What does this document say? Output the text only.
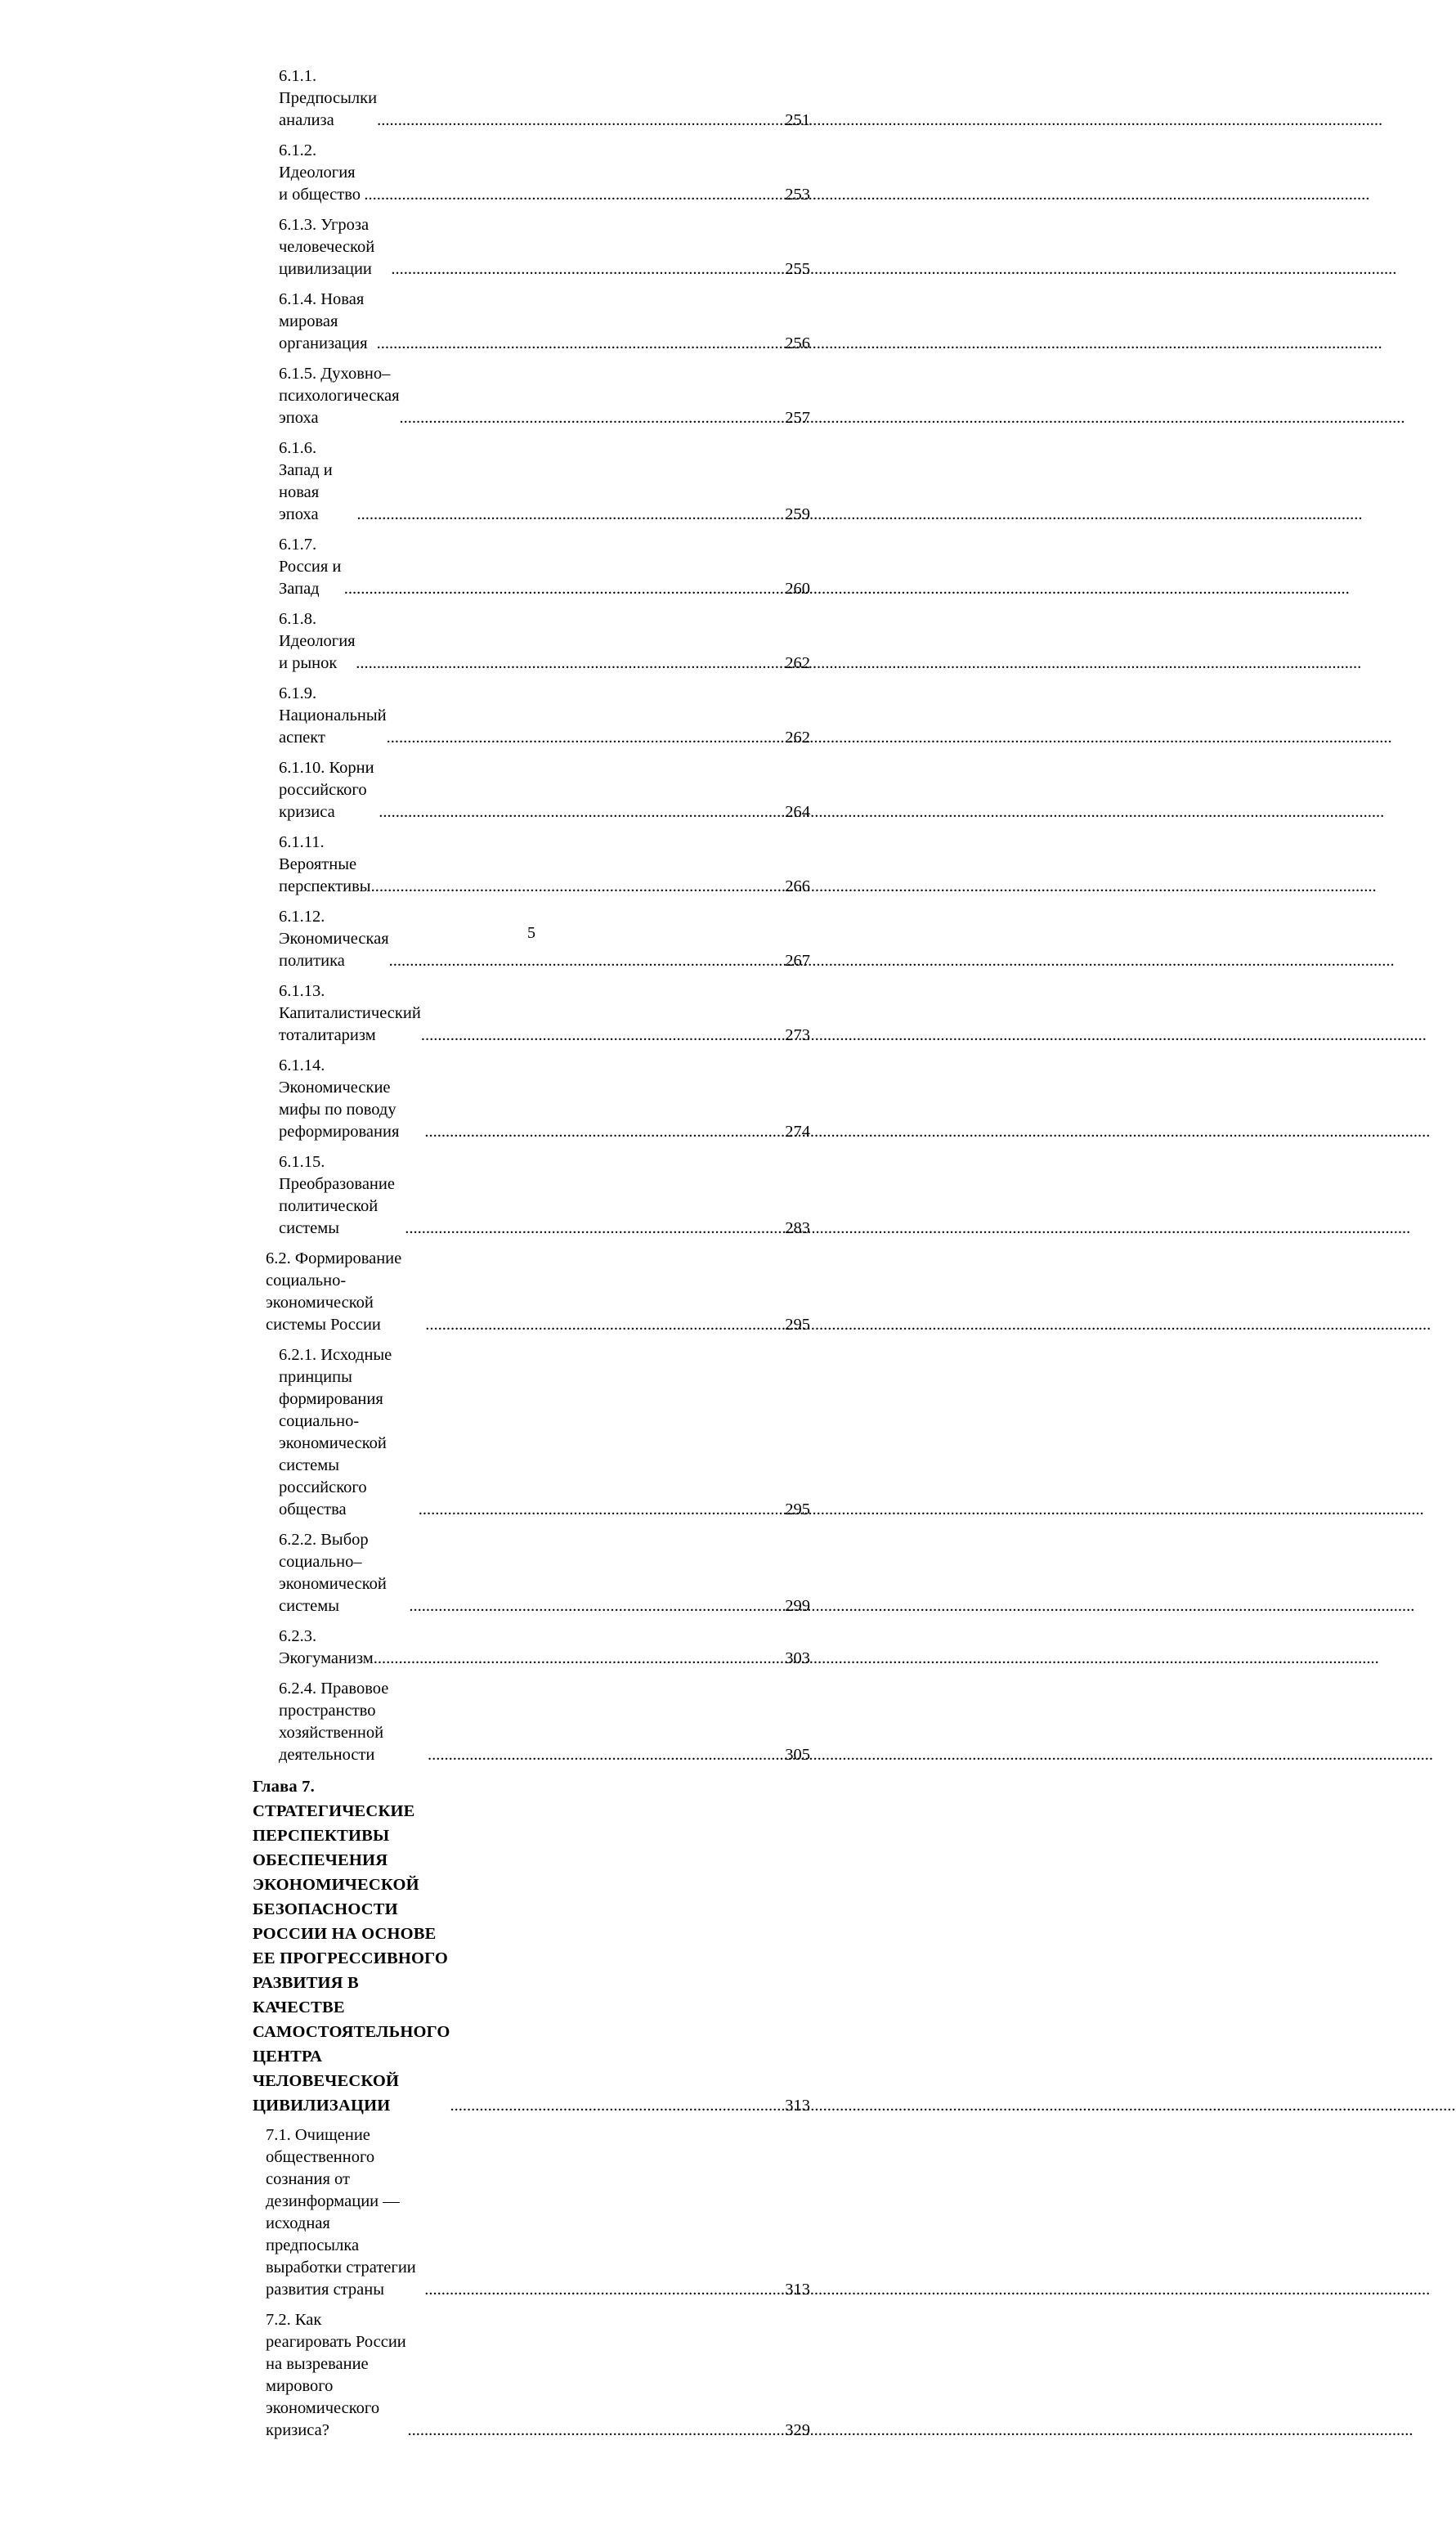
6.1.1. Предпосылки анализа .....	251
6.1.2. Идеология и общество .....	253
6.1.3. Угроза человеческой цивилизации .....	255
6.1.4. Новая мировая организация .....	256
6.1.5. Духовно–психологическая эпоха .....	257
6.1.6. Запад и новая эпоха .....	259
6.1.7. Россия и Запад .....	260
6.1.8. Идеология и рынок .....	262
6.1.9. Национальный аспект .....	262
6.1.10. Корни российского кризиса .....	264
6.1.11. Вероятные перспективы .....	266
6.1.12. Экономическая политика .....	267
6.1.13. Капиталистический тоталитаризм .....	273
6.1.14. Экономические мифы по поводу реформирования .....	274
6.1.15. Преобразование политической системы .....	283
6.2. Формирование социально-экономической системы России .....	295
6.2.1. Исходные принципы формирования социально-
экономической системы российского общества .....	295
6.2.2. Выбор социально–экономической системы .....	299
6.2.3. Экогуманизм .....	303
6.2.4. Правовое пространство хозяйственной деятельности .....	305
Глава 7. СТРАТЕГИЧЕСКИЕ ПЕРСПЕКТИВЫ ОБЕСПЕЧЕНИЯ
ЭКОНОМИЧЕСКОЙ БЕЗОПАСНОСТИ РОССИИ НА ОСНОВЕ
ЕЕ ПРОГРЕССИВНОГО РАЗВИТИЯ В КАЧЕСТВЕ
САМОСТОЯТЕЛЬНОГО ЦЕНТРА ЧЕЛОВЕЧЕСКОЙ
ЦИВИЛИЗАЦИИ .....	313
7.1. Очищение общественного сознания от дезинформации —
исходная предпосылка выработки стратегии развития страны .....	313
7.2. Как реагировать России на вызревание мирового
экономического кризиса? .....	329
5
